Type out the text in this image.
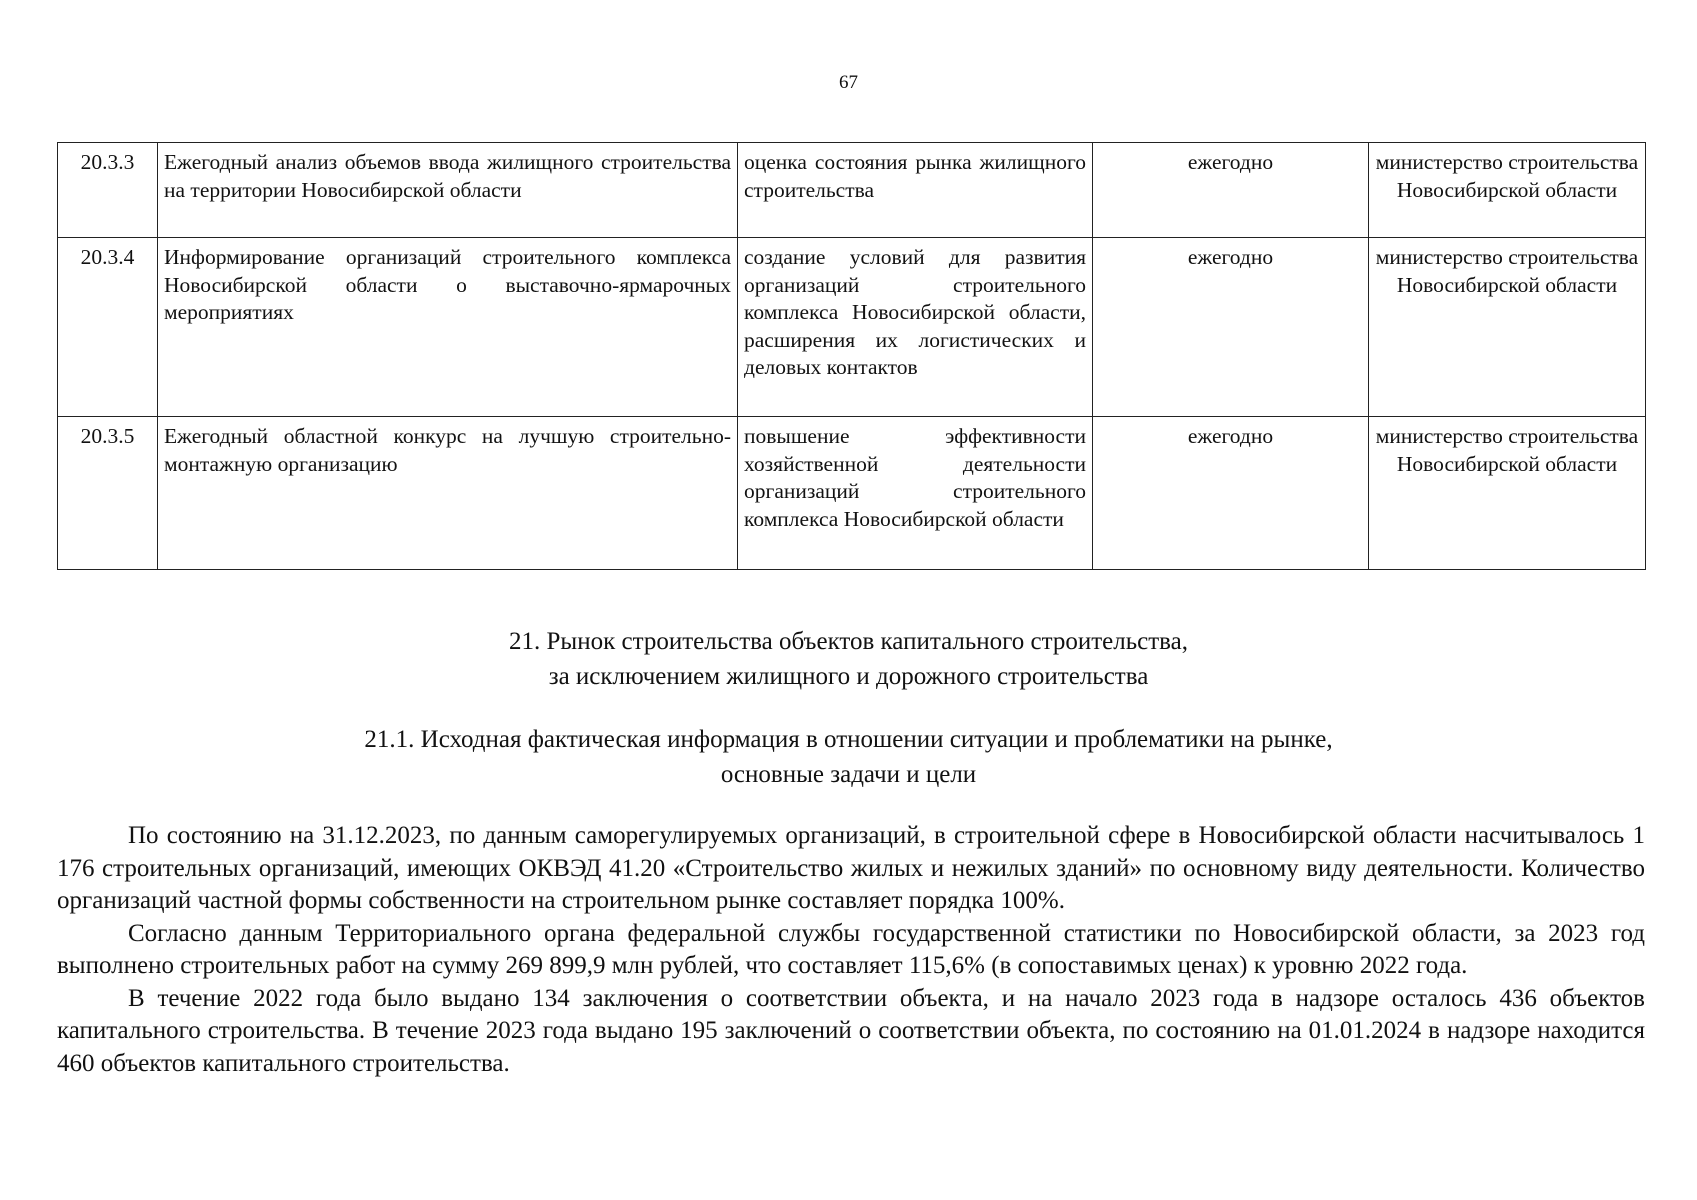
67
20.3.3	Ежегодный анализ объемов ввода жилищного строительства на территории Новосибирской области	оценка состояния рынка жилищного строительства	ежегодно	министерство строительства Новосибирской области
20.3.4	Информирование организаций строительного комплекса Новосибирской области о выставочно-ярмарочных мероприятиях	создание условий для развития организаций строительного комплекса Новосибирской области, расширения их логистических и деловых контактов	ежегодно	министерство строительства Новосибирской области
20.3.5	Ежегодный областной конкурс на лучшую строительно-монтажную организацию	повышение эффективности хозяйственной деятельности организаций строительного комплекса Новосибирской области	ежегодно	министерство строительства Новосибирской области
21. Рынок строительства объектов капитального строительства,
за исключением жилищного и дорожного строительства
21.1. Исходная фактическая информация в отношении ситуации и проблематики на рынке,
основные задачи и цели

По состоянию на 31.12.2023, по данным саморегулируемых организаций, в строительной сфере в Новосибирской области насчитывалось 1 176 строительных организаций, имеющих ОКВЭД 41.20 «Строительство жилых и нежилых зданий» по основному виду деятельности. Количество организаций частной формы собственности на строительном рынке составляет порядка 100%.

Согласно данным Территориального органа федеральной службы государственной статистики по Новосибирской области, за 2023 год выполнено строительных работ на сумму 269 899,9 млн рублей, что составляет 115,6% (в сопоставимых ценах) к уровню 2022 года.

В течение 2022 года было выдано 134 заключения о соответствии объекта, и на начало 2023 года в надзоре осталось 436 объектов капитального строительства. В течение 2023 года выдано 195 заключений о соответствии объекта, по состоянию на 01.01.2024 в надзоре находится 460 объектов капитального строительства.
